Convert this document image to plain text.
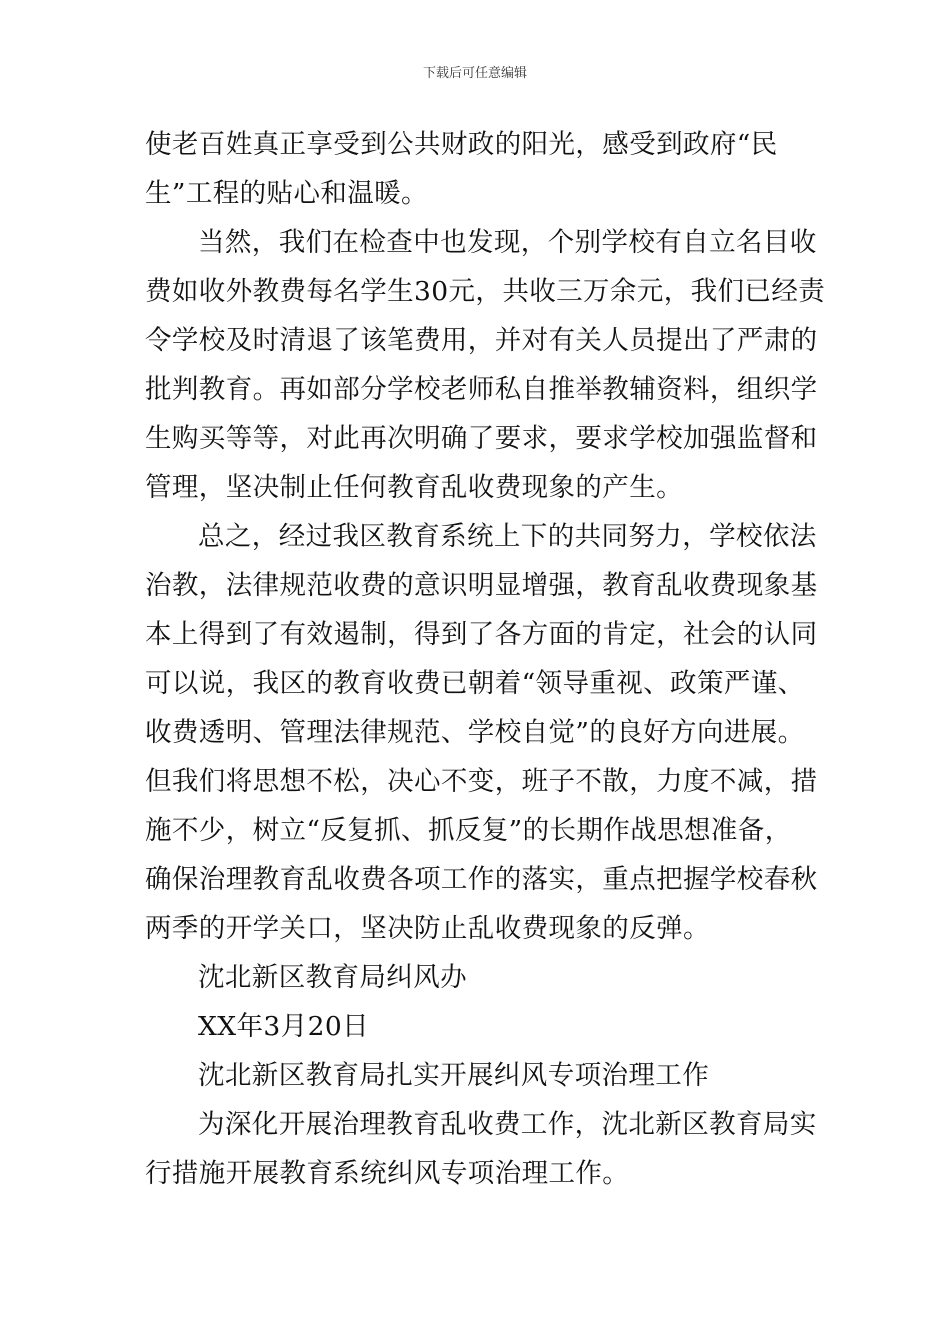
下载后可任意编辑
使老百姓真正享受到公共财政的阳光，感受到政府“民
生”工程的贴心和温暖。
当然，我们在检查中也发现，个别学校有自立名目收
费如收外教费每名学生30元，共收三万余元，我们已经责
令学校及时清退了该笔费用，并对有关人员提出了严肃的
批判教育。再如部分学校老师私自推举教辅资料，组织学
生购买等等，对此再次明确了要求，要求学校加强监督和
管理，坚决制止任何教育乱收费现象的产生。
总之，经过我区教育系统上下的共同努力，学校依法
治教，法律规范收费的意识明显增强，教育乱收费现象基
本上得到了有效遏制，得到了各方面的肯定，社会的认同
可以说，我区的教育收费已朝着“领导重视、政策严谨、
收费透明、管理法律规范、学校自觉”的良好方向进展。
但我们将思想不松，决心不变，班子不散，力度不减，措
施不少，树立“反复抓、抓反复”的长期作战思想准备，
确保治理教育乱收费各项工作的落实，重点把握学校春秋
两季的开学关口，坚决防止乱收费现象的反弹。
沈北新区教育局纠风办
XX年3月20日
沈北新区教育局扎实开展纠风专项治理工作
为深化开展治理教育乱收费工作，沈北新区教育局实
行措施开展教育系统纠风专项治理工作。
